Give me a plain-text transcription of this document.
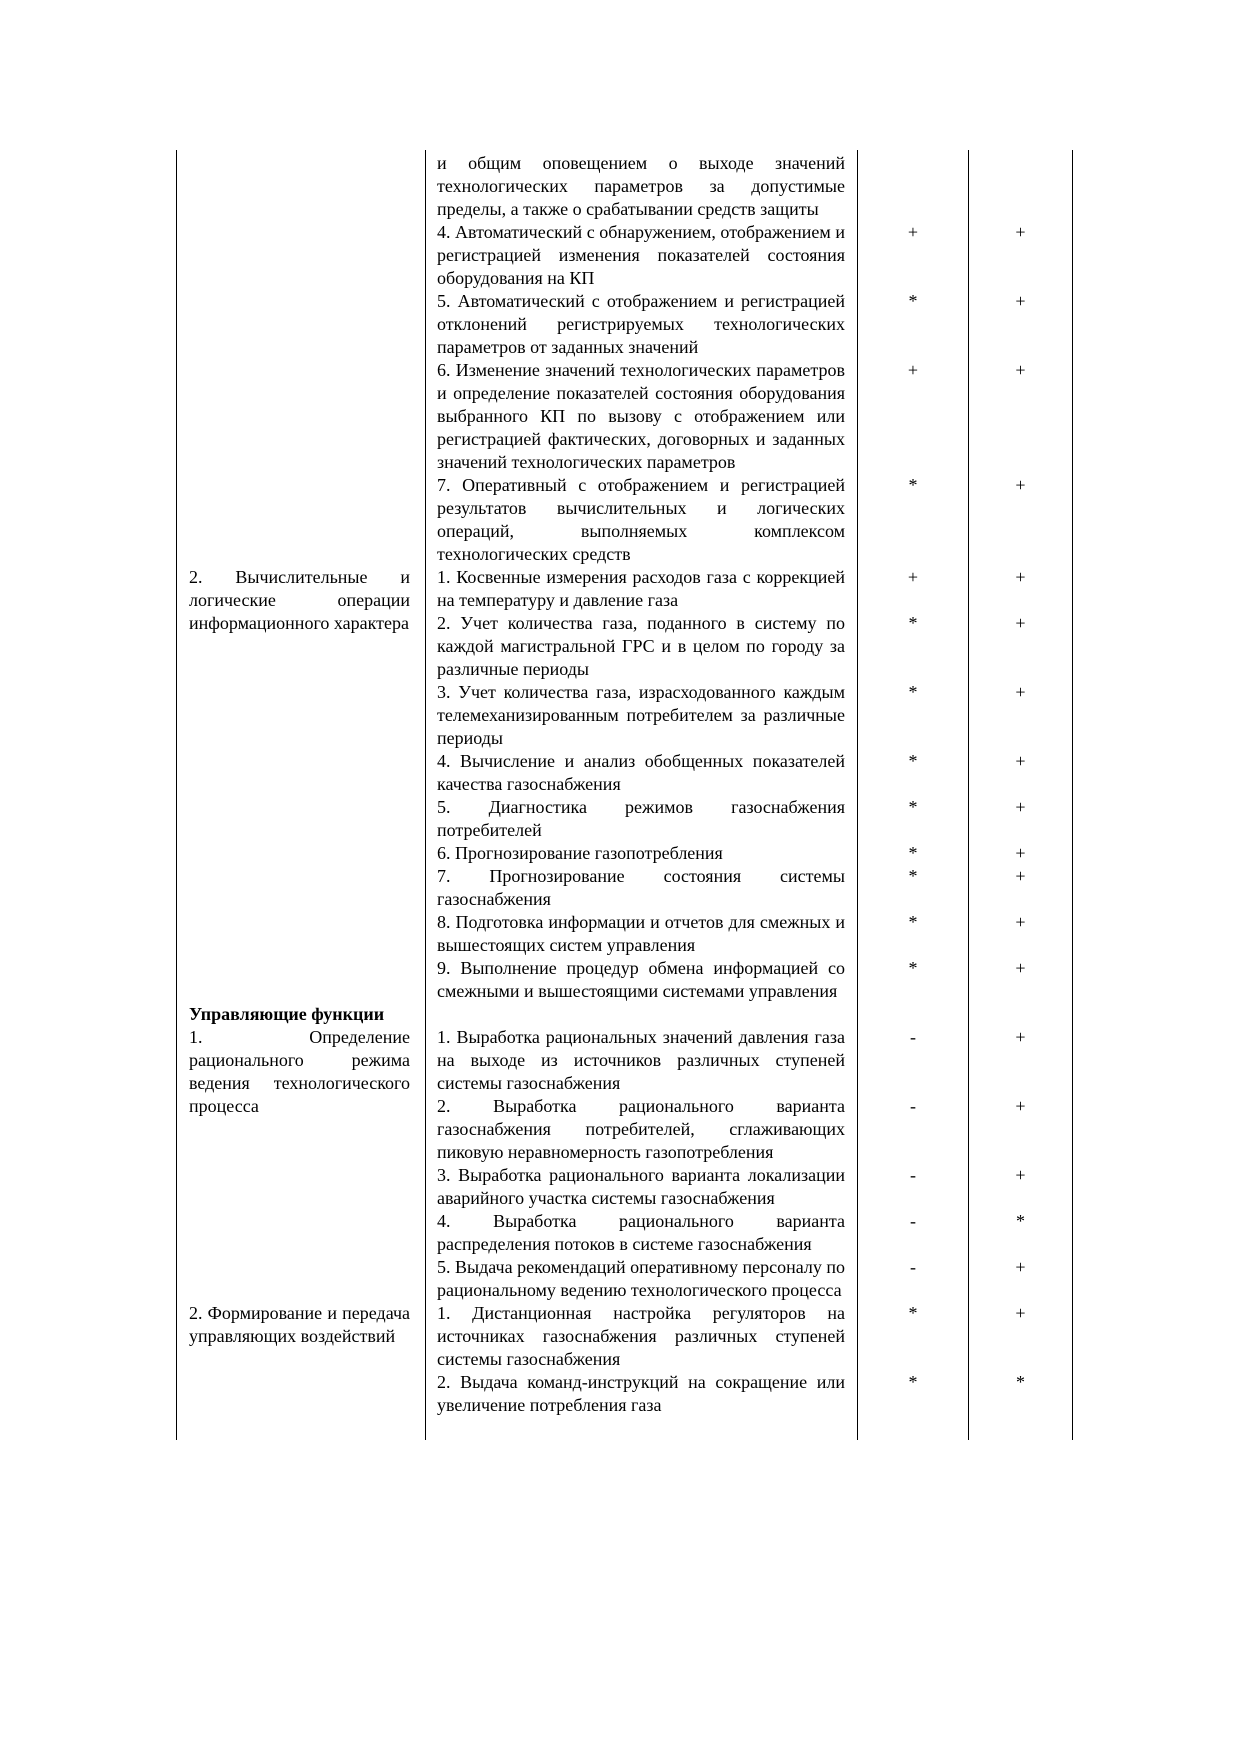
	и общим оповещением о выходе значений технологических параметров за допустимые пределы, а также о срабатывании средств защиты		
	4. Автоматический с обнаружением, отображением и регистрацией изменения показателей состояния оборудования на КП	+	+
	5. Автоматический с отображением и регистрацией отклонений регистрируемых технологических параметров от заданных значений	*	+
	6. Изменение значений технологических параметров и определение показателей состояния оборудования выбранного КП по вызову с отображением или регистрацией фактических, договорных и заданных значений технологических параметров	+	+
	7. Оперативный с отображением и регистрацией результатов вычислительных и логических операций, выполняемых комплексом технологических средств	*	+
2. Вычислительные и логические операции информационного характера	1. Косвенные измерения расходов газа с коррекцией на температуру и давление газа	+	+
	2. Учет количества газа, поданного в систему по каждой магистральной ГРС и в целом по городу за различные периоды	*	+
	3. Учет количества газа, израсходованного каждым телемеханизированным потребителем за различные периоды	*	+
	4. Вычисление и анализ обобщенных показателей качества газоснабжения	*	+
	5. Диагностика режимов газоснабжения потребителей	*	+
	6. Прогнозирование газопотребления	*	+
	7. Прогнозирование состояния системы газоснабжения	*	+
	8. Подготовка информации и отчетов для смежных и вышестоящих систем управления	*	+
	9. Выполнение процедур обмена информацией со смежными и вышестоящими системами управления	*	+
Управляющие функции			
1. Определение рационального режима ведения технологического процесса	1. Выработка рациональных значений давления газа на выходе из источников различных ступеней системы газоснабжения	-	+
	2. Выработка рационального варианта газоснабжения потребителей, сглаживающих пиковую неравномерность газопотребления	-	+
	3. Выработка рационального варианта локализации аварийного участка системы газоснабжения	-	+
	4. Выработка рационального варианта распределения потоков в системе газоснабжения	-	*
	5. Выдача рекомендаций оперативному персоналу по рациональному ведению технологического процесса	-	+
2. Формирование и передача управляющих воздействий	1. Дистанционная настройка регуляторов на источниках газоснабжения различных ступеней системы газоснабжения	*	+
	2. Выдача команд-инструкций на сокращение или увеличение потребления газа	*	*
